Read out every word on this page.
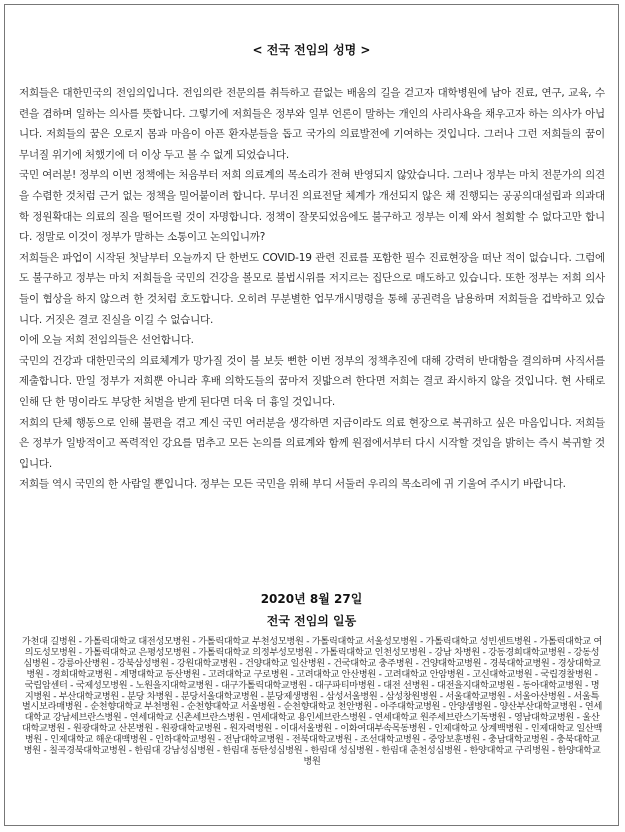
< 전국 전임의 성명 >

저희들은 대한민국의 전임의입니다. 전임의란 전문의를 취득하고 끝없는 배움의 길을 걷고자 대학병원에 남아 진료, 연구, 교육, 수련을 겸하며 일하는 의사를 뜻합니다. 그렇기에 저희들은 정부와 일부 언론이 말하는 개인의 사리사욕을 채우고자 하는 의사가 아닙니다. 저희들의 꿈은 오로지 몸과 마음이 아픈 환자분들을 돕고 국가의 의료발전에 기여하는 것입니다. 그러나 그런 저희들의 꿈이 무너질 위기에 처했기에 더 이상 두고 볼 수 없게 되었습니다.

국민 여러분! 정부의 이번 정책에는 처음부터 저희 의료계의 목소리가 전혀 반영되지 않았습니다. 그러나 정부는 마치 전문가의 의견을 수렴한 것처럼 근거 없는 정책을 밀어붙이려 합니다. 무너진 의료전달 체계가 개선되지 않은 채 진행되는 공공의대설립과 의과대학 정원확대는 의료의 질을 떨어뜨릴 것이 자명합니다. 정책이 잘못되었음에도 불구하고 정부는 이제 와서 철회할 수 없다고만 합니다. 정말로 이것이 정부가 말하는 소통이고 논의입니까?

저희들은 파업이 시작된 첫날부터 오늘까지 단 한번도 COVID-19 관련 진료를 포함한 필수 진료현장을 떠난 적이 없습니다. 그럼에도 불구하고 정부는 마치 저희들을 국민의 건강을 볼모로 불법시위를 저지르는 집단으로 매도하고 있습니다. 또한 정부는 저희 의사들이 협상을 하지 않으려 한 것처럼 호도합니다. 오히려 무분별한 업무개시명령을 통해 공권력을 남용하며 저희들을 겁박하고 있습니다. 거짓은 결코 진실을 이길 수 없습니다.

이에 오늘 저희 전임의들은 선언합니다.

국민의 건강과 대한민국의 의료체계가 망가질 것이 불 보듯 뻔한 이번 정부의 정책추진에 대해 강력히 반대함을 결의하며 사직서를 제출합니다. 만일 정부가 저희뿐 아니라 후배 의학도들의 꿈마저 짓밟으려 한다면 저희는 결코 좌시하지 않을 것입니다. 현 사태로 인해 단 한 명이라도 부당한 처벌을 받게 된다면 더욱 더 흉일 것입니다.

저희의 단체 행동으로 인해 불편을 겪고 계신 국민 여러분을 생각하면 지금이라도 의료 현장으로 복귀하고 싶은 마음입니다. 저희들은 정부가 일방적이고 폭력적인 강요를 멈추고 모든 논의를 의료계와 함께 원점에서부터 다시 시작할 것임을 밝히는 즉시 복귀할 것입니다.

저희들 역시 국민의 한 사람일 뿐입니다. 정부는 모든 국민을 위해 부디 서둘러 우리의 목소리에 귀 기울여 주시기 바랍니다.

2020년 8월 27일
전국 전임의 일동
가천대 길병원 - 가톨릭대학교 대전성모병원 - 가톨릭대학교 부천성모병원 - 가톨릭대학교 서울성모병원 - 가톨릭대학교 성빈센트병원 - 가톨릭대학교 여의도성모병원 - 가톨릭대학교 은평성모병원 - 가톨릭대학교 의정부성모병원 - 가톨릭대학교 인천성모병원 - 강남 차병원 - 강동경희대학교병원 - 강동성심병원 - 강릉아산병원 - 강북삼성병원 - 강원대학교병원 - 건양대학교 일산병원 - 건국대학교 충주병원 - 건양대학교병원 - 경북대학교병원 - 경상대학교병원 - 경희대학교병원 - 계명대학교 동산병원 - 고려대학교 구로병원 - 고려대학교 안산병원 - 고려대학교 안암병원 - 고신대학교병원 - 국립경찰병원 - 국립암센터 - 국제성모병원 - 노원을지대학교병원 - 대구가톨릭대학교병원 - 대구파티마병원 - 대전 선병원 - 대전을지대학교병원 - 동아대학교병원 - 명지병원 - 부산대학교병원 - 분당 차병원 - 분당서울대학교병원 - 분당제생병원 - 삼성서울병원 - 삼성창원병원 - 서울대학교병원 - 서울아산병원 - 서울특별시보라매병원 - 순천향대학교 부천병원 - 순천향대학교 서울병원 - 순천향대학교 천안병원 - 아주대학교병원 - 안양샘병원 - 양산부산대학교병원 - 연세대학교 강남세브란스병원 - 연세대학교 신촌세브란스병원 - 연세대학교 용인세브란스병원 - 연세대학교 원주세브란스기독병원 - 영남대학교병원 - 울산대학교병원 - 원광대학교 산본병원 - 원광대학교병원 - 원자력병원 - 이대서울병원 - 이화여대부속목동병원 - 인제대학교 상계백병원 - 인제대학교 일산백병원 - 인제대학교 해운대백병원 - 인하대학교병원 - 전남대학교병원 - 전북대학교병원 - 조선대학교병원 - 중앙보훈병원 - 충남대학교병원 - 충북대학교병원 - 칠곡경북대학교병원 - 한림대 강남성심병원 - 한림대 동탄성심병원 - 한림대 성심병원 - 한림대 춘천성심병원 - 한양대학교 구리병원 - 한양대학교병원
